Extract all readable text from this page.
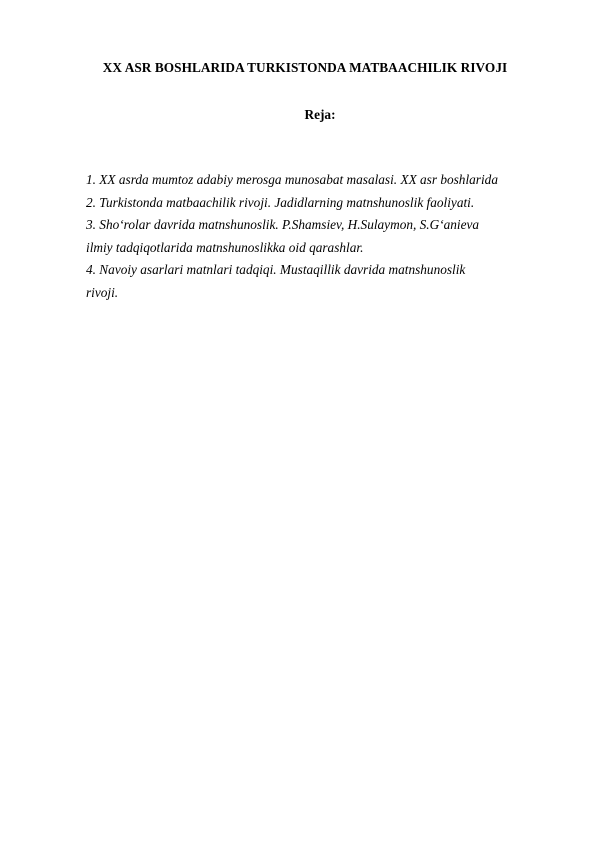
XX ASR BOSHLARIDA TURKISTONDA MATBAACHILIK RIVOJI
Reja:
1. XX asrda mumtoz adabiy merosga munosabat masalasi. XX asr boshlarida
2. Turkistonda matbaachilik rivoji. Jadidlarning matnshunoslik faoliyati.
3. Sho‘rolar davrida matnshunoslik. P.Shamsiev, H.Sulaymon, S.G‘anieva
ilmiy tadqiqotlarida matnshunoslikka oid qarashlar.
4. Navoiy asarlari matnlari tadqiqi. Mustaqillik davrida matnshunoslik
rivoji.
